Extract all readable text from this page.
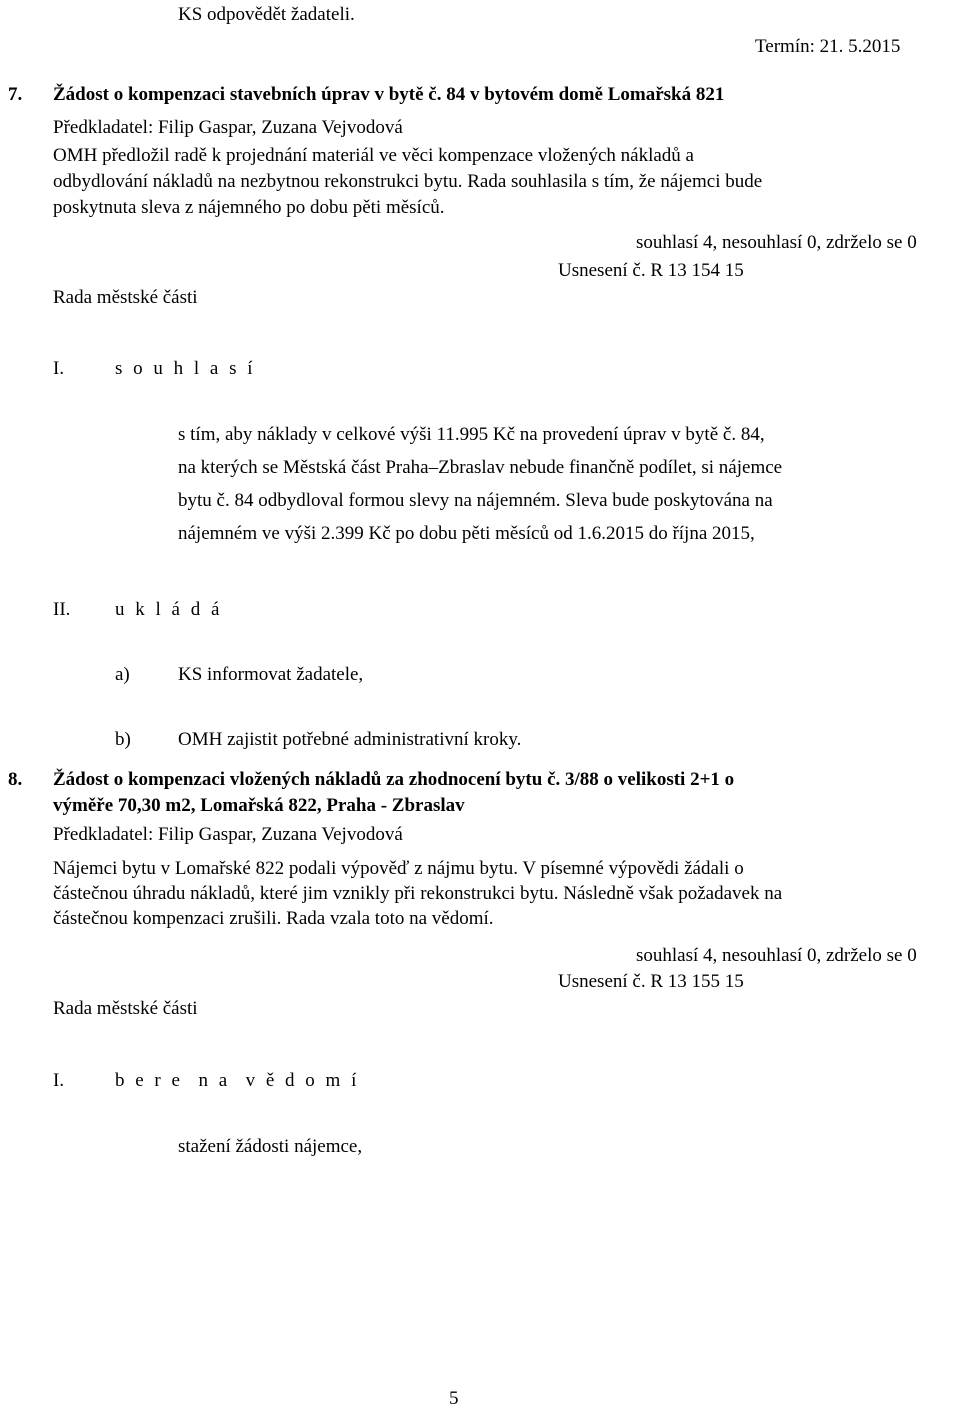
KS odpovědět žadateli.
Termín: 21. 5.2015
7. Žádost o kompenzaci stavebních úprav v bytě č. 84 v bytovém domě Lomařská 821
Předkladatel: Filip Gaspar, Zuzana Vejvodová
OMH předložil radě k projednání materiál ve věci kompenzace vložených nákladů a
odbydlování nákladů na nezbytnou rekonstrukci bytu. Rada souhlasila s tím, že nájemci bude
poskytnuta sleva z nájemného po dobu pěti měsíců.
souhlasí 4, nesouhlasí 0, zdrželo se 0
Usnesení č. R 13 154 15
Rada městské části
I.	s o u h l a s í
s tím, aby náklady v celkové výši 11.995 Kč na provedení úprav v bytě č. 84,
na kterých se Městská část Praha–Zbraslav nebude finančně podílet, si nájemce
bytu č. 84 odbydloval formou slevy na nájemném. Sleva bude poskytována na
nájemném ve výši 2.399 Kč po dobu pěti měsíců od 1.6.2015 do října 2015,
II. u k l á d á
a)	KS informovat žadatele,
b) OMH zajistit potřebné administrativní kroky.
8. Žádost o kompenzaci vložených nákladů za zhodnocení bytu č. 3/88 o velikosti 2+1 o
výměře 70,30 m2, Lomařská 822, Praha - Zbraslav
Předkladatel: Filip Gaspar, Zuzana Vejvodová
Nájemci bytu v Lomařské 822 podali výpověď z nájmu bytu. V písemné výpovědi žádali o
částečnou úhradu nákladů, které jim vznikly při rekonstrukci bytu. Následně však požadavek na
částečnou kompenzaci zrušili. Rada vzala toto na vědomí.
souhlasí 4, nesouhlasí 0, zdrželo se 0
Usnesení č. R 13 155 15
Rada městské části
I.	b e r e  n a  v ě d o m í
stažení žádosti nájemce,
5
